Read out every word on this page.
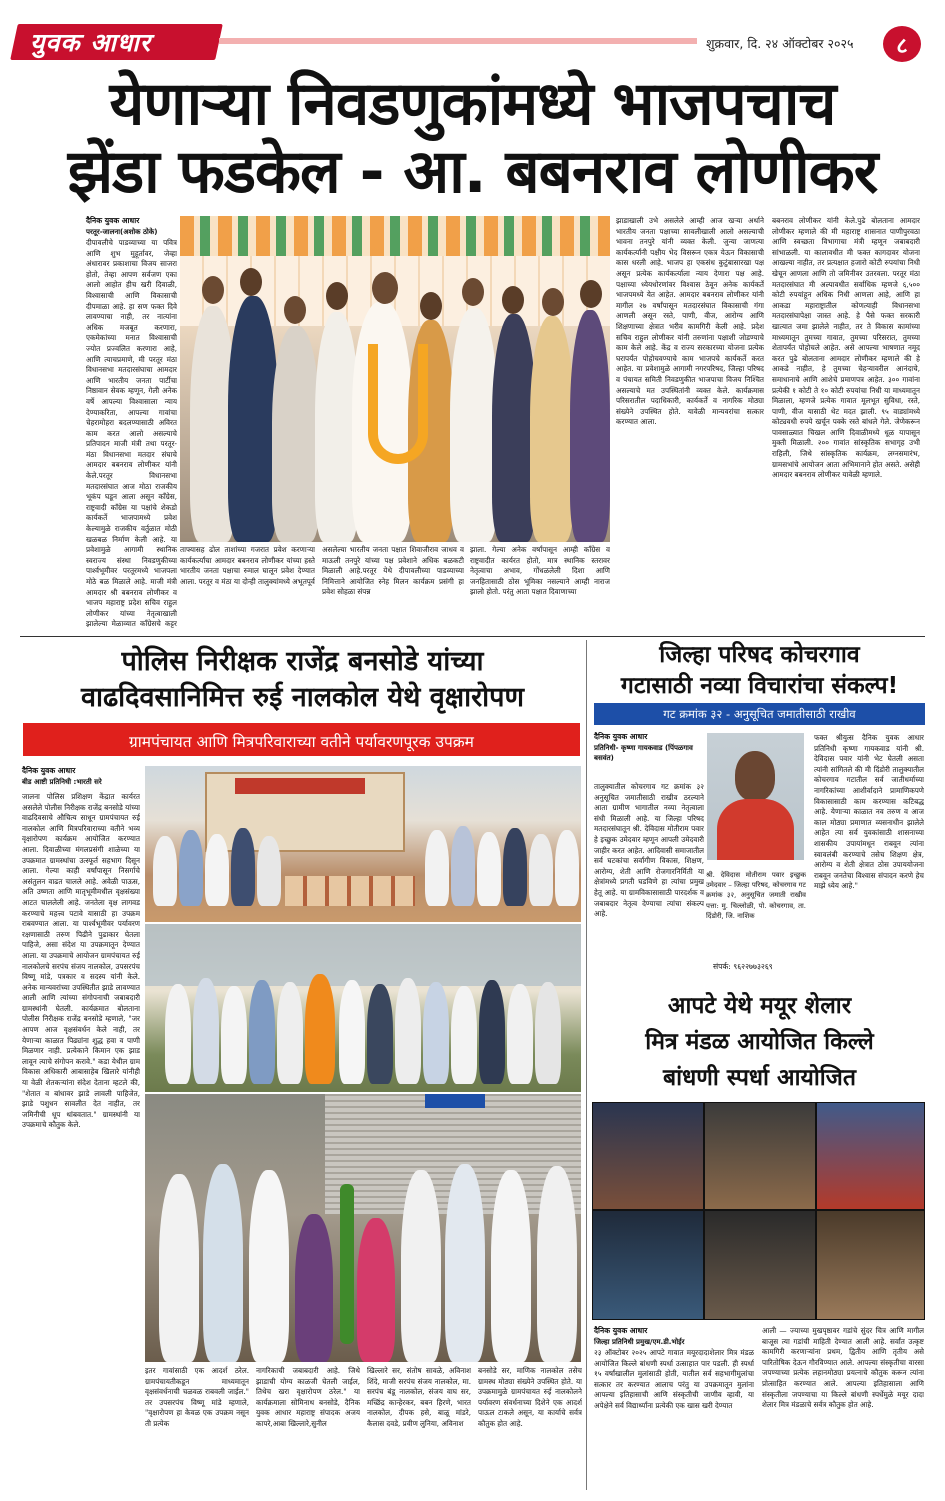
युवक आधार	शुक्रवार, दि. २४ ऑक्टोबर २०२५	८
येणाऱ्या निवडणुकांमध्ये भाजपचाच
झेंडा फडकेल - आ. बबनराव लोणीकर
दैनिक युवक आधार
परतूर-जालना(अशोक ठोके)
दीपावलीचे पाडव्याच्या या पवित्र आणि शुभ मुहूर्तावर, जेव्हा अंधारावर प्रकाशाचा विजय साजरा होतो, तेव्हा आपण सर्वजण एका आलो आहोत हीच खरी दिवाळी, विश्वासाची आणि विकासाची दीपमाळा आहे. हा सण फक्त दिवे लावण्याचा नाही, तर नात्यांना अधिक मजबूत करणारा, एकमेकांच्या मनात विश्वासाची ज्योत प्रज्वलित करणारा आहे, आणि त्याचप्रमाणे, मी परतूर मंठा विधानसभा मतदारसंघाचा आमदार आणि भारतीय जनता पार्टीचा निष्ठावान सेवक म्हणून, गेली अनेक वर्षे आपल्या विश्वासाला न्याय देण्याकरिता, आपल्या गावांचा चेहरामोहरा बदलण्यासाठी अविरत काम करत आलो असल्याचे प्रतिपादन माजी मंत्री तथा परतूर-मंठा विधानसभा मतदार संघाचे आमदार बबनराव लोणीकर यांनी केले.परतूर विधानसभा मतदारसंघात आज मोठा राजकीय भूकंप घडून आला असून काँग्रेस, राष्ट्रवादी काँग्रेस या पक्षांचे शेकडो कार्यकर्ते भाजपामध्ये प्रवेश केल्यामुळे राजकीय वर्तुळात मोठी खळबळ निर्माण केली आहे. या प्रवेशामुळे आगामी स्थानिक स्वराज्य संस्था निवडणुकीच्या पार्श्वभूमीवर परतूरमध्ये भाजपला मोठे बळ मिळाले आहे. माजी मंत्री आमदार श्री बबनराव लोणीकर व भाजप महाराष्ट्र प्रदेश सचिव राहुल लोणीकर यांच्या नेतृत्वाखाली झालेल्या मेळाव्यात काँग्रेसचे कट्टर
ताफ्यासह ढोल ताशांच्या गजरात प्रवेश करणाऱ्या कार्यकर्त्यांचा आमदार बबनराव लोणीकर यांच्या हस्ते भारतीय जनता पक्षाचा रुमाल घालून प्रवेश देण्यात आला. परतूर व मंठा या दोन्ही तालुक्यांमध्ये अभूतपूर्व
असलेल्या भारतीय जनता पक्षात शिवाजीराव जाधव व माऊली तनपुरे यांच्या पक्ष प्रवेशाने अधिक बळकटी मिळाली आहे.परतूर येथे दीपावलीच्या पाडव्याच्या निमित्ताने आयोजित स्नेह मिलन कार्यक्रम प्रसंगी हा प्रवेश सोहळा संपन्न
झाला. गेल्या अनेक वर्षांपासून आम्ही काँग्रेस व राष्ट्रवादीत कार्यरत होतो, मात्र स्थानिक स्तरावर नेतृत्वाचा अभाव, गोंधळलेली दिशा आणि जनहितासाठी ठोस भूमिका नसल्याने आम्ही नाराज झालो होतो. परंतु आता पक्षात दिवाणाच्या
झाडाखाली उभे असलेले आम्ही आज खऱ्या अर्थाने भारतीय जनता पक्षाच्या सावलीखाली आलो असल्याची भावना तनपुरे यांनी व्यक्त केली. जुन्या जाणत्या कार्यकर्त्यांनी पक्षीय भेद विसरून एकत्र येऊन विकासाची कास धरली आहे. भाजप हा एकसंध कुटुंबासारखा पक्ष असून प्रत्येक कार्यकर्त्याला न्याय देणारा पक्ष आहे. पक्षाच्या ध्येयधोरणांवर विश्वास ठेवून अनेक कार्यकर्ते भाजपमध्ये येत आहेत. आमदार बबनराव लोणीकर यांनी मागील २७ वर्षांपासून मतदारसंघात विकासाची गंगा आणली असून रस्ते, पाणी, वीज, आरोग्य आणि शिक्षणाच्या क्षेत्रात भरीव कामगिरी केली आहे. प्रदेश सचिव राहुल लोणीकर यांनी तरुणांना पक्षाशी जोडण्याचे काम केले आहे. केंद्र व राज्य सरकारच्या योजना प्रत्येक घरापर्यंत पोहोचवण्याचे काम भाजपचे कार्यकर्ते करत आहेत. या प्रवेशामुळे आगामी नगरपरिषद, जिल्हा परिषद व पंचायत समिती निवडणुकीत भाजपाचा विजय निश्चित असल्याचे मत उपस्थितांनी व्यक्त केले. कार्यक्रमास परिसरातील पदाधिकारी, कार्यकर्ते व नागरिक मोठ्या संख्येने उपस्थित होते. यावेळी मान्यवरांचा सत्कार करण्यात आला.
बबनराव लोणीकर यांनी केले.पुढे बोलताना आमदार लोणीकर म्हणाले की मी महाराष्ट्र शासनात पाणीपुरवठा आणि स्वच्छता विभागाचा मंत्री म्हणून जबाबदारी सांभाळली. या कालावधीत मी फक्त कागदावर योजना आखल्या नाहीत, तर प्रत्यक्षात हजारो कोटी रुपयांचा निधी खेचून आणला आणि तो जमिनीवर उतरवला. परतूर मंठा मतदारसंघात मी अल्पावधीत सर्वाधिक म्हणजे ६,५०० कोटी रुपयांहून अधिक निधी आणला आहे, आणि हा आकडा महाराष्ट्रातील कोणत्याही विधानसभा मतदारसंघापेक्षा जास्त आहे. हे पैसे फक्त सरकारी खात्यात जमा झालेले नाहीत, तर ते विकास कामांच्या माध्यमातून तुमच्या गावात, तुमच्या परिसरात, तुमच्या शेतापर्यंत पोहोचले आहेत. असे आपल्या भाषणात नमूद करत पुढे बोलताना आमदार लोणीकर म्हणाले की हे आकडे नाहीत, हे तुमच्या चेहऱ्यावरील आनंदाचे, समाधानाचे आणि आशेचे प्रमाणपत्र आहेत. ३०० गावांना प्रत्येकी १ कोटी ते १० कोटी रुपयांचा निधी या माध्यमातून मिळाला, म्हणजे प्रत्येक गावात मूलभूत सुविधा, रस्ते, पाणी, वीज यासाठी थेट मदत झाली. ९५ वाड्यांमध्ये कोट्यवधी रुपये खर्चून पक्के रस्ते बांधले गेले. जेणेकरून पावसाळ्यात चिखल आणि दिवाळीमध्ये धूळ यापासून मुक्ती मिळाली. २०० गावांत सांस्कृतिक सभागृह उभी राहिली, जिथे सांस्कृतिक कार्यक्रम, लग्नसमारंभ, ग्रामसभांचे आयोजन आता अभिमानाने होत असते. असेही आमदार बबनराव लोणीकर यावेळी म्हणाले.
पोलिस निरीक्षक राजेंद्र बनसोडे यांच्या
वाढदिवसानिमित्त रुई नालकोल येथे वृक्षारोपण
ग्रामपंचायत आणि मित्रपरिवाराच्या वतीने पर्यावरणपूरक उपक्रम
दैनिक युवक आधार
बीड आष्टी प्रतिनिधी :भारती सरे
जालना पोलिस प्रशिक्षण केंद्रात कार्यरत असलेले पोलीस निरीक्षक राजेंद्र बनसोडे यांच्या वाढदिवसाचे औचित्य साधून ग्रामपंचायत रुई नालकोल आणि मित्रपरिवाराच्या वतीने भव्य वृक्षारोपण कार्यक्रम आयोजित करण्यात आला. दिवाळीच्या मंगलप्रसंगी शाळेच्या या उपक्रमात ग्रामस्थांचा उत्स्फूर्त सहभाग दिसून आला. गेल्या काही वर्षांपासून निसर्गाचे असंतुलन वाढत चालले आहे. अवेळी पाऊस, अति उष्णता आणि मातृभूमीमधील वृक्षसंख्या आटत चाललेली आहे. जनतेला वृक्ष लागवड करण्याचे महत्त्व पटावे यासाठी हा उपक्रम राबवण्यात आला. या पार्श्वभूमीवर पर्यावरण रक्षणासाठी तरुण पिढीने पुढाकार घेतला पाहिजे, असा संदेश या उपक्रमातून देण्यात आला. या उपक्रमाचे आयोजन ग्रामपंचायत रुई नालकोलचे सरपंच संजय नालकोल, उपसरपंच विष्णू मांडे, पत्रकार व सदस्य यांनी केले. अनेक मान्यवरांच्या उपस्थितीत झाडे लावण्यात आली आणि त्यांच्या संगोपनाची जबाबदारी ग्रामस्थांनी घेतली. कार्यक्रमात बोलताना पोलीस निरीक्षक राजेंद्र बनसोडे म्हणाले, "जर आपण आज वृक्षसंवर्धन केले नाही, तर येणाऱ्या काळात पिढ्यांना शुद्ध हवा व पाणी मिळणार नाही. प्रत्येकाने किमान एक झाड लावून त्याचे संगोपन करावे." कडा येथील ग्राम विकास अधिकारी आबासाहेब खिलारे यांनीही या वेळी शेतकऱ्यांना संदेश देताना म्हटले की, "शेतात व बांधावर झाडे लावली पाहिजेत, झाडे पशुधन सावलीत देत नाहीत, तर जमिनीची धूप थांबवतात." ग्रामस्थांनी या उपक्रमाचे कौतुक केले.
इतर गावांसाठी एक आदर्श ठरेल. ग्रामपंचायतीकडून माध्यमातून वृक्षसंवर्धनाची चळवळ राबवली जाईल." तर उपसरपंच विष्णू मांडे म्हणाले, "वृक्षारोपण हा केवळ एक उपक्रम नसून ती प्रत्येक
नागरिकाची जबाबदारी आहे. जिथे झाडाची योग्य काळजी घेतली जाईल, तिथेच खरा वृक्षारोपण ठरेल." या कार्यक्रमाला सोमिनाथ बनसोडे, दैनिक युवक आधार महाराष्ट्र संपादक अजय कापरे,आबा खिल्लारे,सुनील
खिल्लारे सर, संतोष सावळे, अविनाश शिंदे, माजी सरपंच संजय नालकोल, मा. सरपंच बंडू नालकोल, संजय वाघ सर, मच्छिंद्र कान्हेरकर, बबन हिरणे, भारत नालकोल, दीपक हसे, बाळू मांडरे, कैलास दवडे, प्रवीण लुनिया, अविनाश
बनसोडे सर, माणिक नालकोल तसेच ग्रामस्थ मोठ्या संख्येने उपस्थित होते. या उपक्रमामुळे ग्रामपंचायत रुई नालकोलने पर्यावरण संवर्धनाच्या दिशेने एक आदर्श पाऊल टाकले असून, या कार्याचे सर्वत्र कौतुक होत आहे.
जिल्हा परिषद कोचरगाव
गटासाठी नव्या विचारांचा संकल्प!
गट क्रमांक ३२ - अनुसूचित जमातीसाठी राखीव
दैनिक युवक आधार
प्रतिनिधी- कृष्णा गायकवाड (पिंपळगाव बसवंत)
तालुक्यातील कोचरगाव गट क्रमांक ३२ अनुसूचित जमातीसाठी राखीव ठरल्याने आता ग्रामीण भागातील नव्या नेतृत्वाला संधी मिळाली आहे. या जिल्हा परिषद मतदारसंघातून श्री. देविदास मोतीराम पवार हे इच्छुक उमेदवार म्हणून आपली उमेदवारी जाहीर करत आहेत. आदिवासी समाजातील सर्व घटकांचा सर्वांगीण विकास, शिक्षण, आरोग्य, शेती आणि रोजगारनिर्मिती या क्षेत्रांमध्ये प्रगती घडविणे हा त्यांचा प्रमुख हेतू आहे. या ग्रामविकासासाठी पारदर्शक व जबाबदार नेतृत्व देण्याचा त्यांचा संकल्प आहे.
श्री. देविदास मोतीराम पवार इच्छुक उमेदवार – जिल्हा परिषद, कोचरगाव गट क्रमांक ३२, अनुसूचित जमाती राखीव पत्ता: मु. चिल्लोळी, पो. कोचरगाव, ता. दिंडोरी, जि. नाशिक
संपर्क: ९६२२७७३२६९
फक्त श्रीयुत्स दैनिक युवक आधार प्रतिनिधी कृष्णा गायकवाड यांनी श्री. देविदास पवार यांनी भेट घेतली असता त्यांनी सांगितले की मी दिंडोरी तालुक्यातील कोचरगाव गटातील सर्व जातीधर्माच्या नागरिकांच्या आशीर्वादाने प्रामाणिकपणे विकासासाठी काम करण्यास कटिबद्ध आहे. येणाऱ्या काळात नव तरुण व आज काल मोठ्या प्रमाणात व्यसनाधीन झालेले आहेत त्या सर्व युवकांसाठी शासनाच्या शासकीय उपायांमधून राबवून त्यांना स्वावलंबी करण्याचे तसेच शिक्षण क्षेत्र, आरोग्य व शेती क्षेत्रात ठोस उपाययोजना राबवून जनतेचा विश्वास संपादन करणे हेच माझे ध्येय आहे."
आपटे येथे मयूर शेलार
मित्र मंडळ आयोजित किल्ले
बांधणी स्पर्धा आयोजित
दैनिक युवक आधार
जिल्हा प्रतिनिधी प्रमुख/एम.डी.भोईर
२३ ऑक्टोबर २०२५ आपटे गावात मयूरदादाशेलार मित्र मंडळ आयोजित किल्ले बांधणी स्पर्धा उत्साहात पार पडली. ही स्पर्धा १५ वर्षांखालील मुलांसाठी होती, यातील सर्व सहभागीमुलांचा सत्कार तर करण्यात आलाच परंतु या उपक्रमातून मुलांना आपल्या इतिहासाची आणि संस्कृतीची जाणीव व्हावी, या अपेक्षेने सर्व विद्यार्थ्यांना प्रत्येकी एक खास खरी देण्यात
आली — ज्याच्या मुखपृष्ठावर गडांचे सुंदर चित्र आणि मागील बाजूस त्या गडांची माहिती देण्यात आली आहे. सर्वांत उत्कृष्ट कामगिरी करणाऱ्यांना प्रथम, द्वितीय आणि तृतीय असे पारितोषिक देऊन गौरविण्यात आले. आपल्या संस्कृतीचा वारसा जपण्याच्या प्रत्येक लहानमोठ्या प्रयत्नाचे कौतुक करून त्यांना प्रोत्साहित करण्यात आले. आपल्या इतिहासाला आणि संस्कृतीला जपण्याचा या किल्ले बांधणी स्पर्धेमुळे मयूर दादा शेलार मित्र मंडळाचे सर्वत्र कौतुक होत आहे.
